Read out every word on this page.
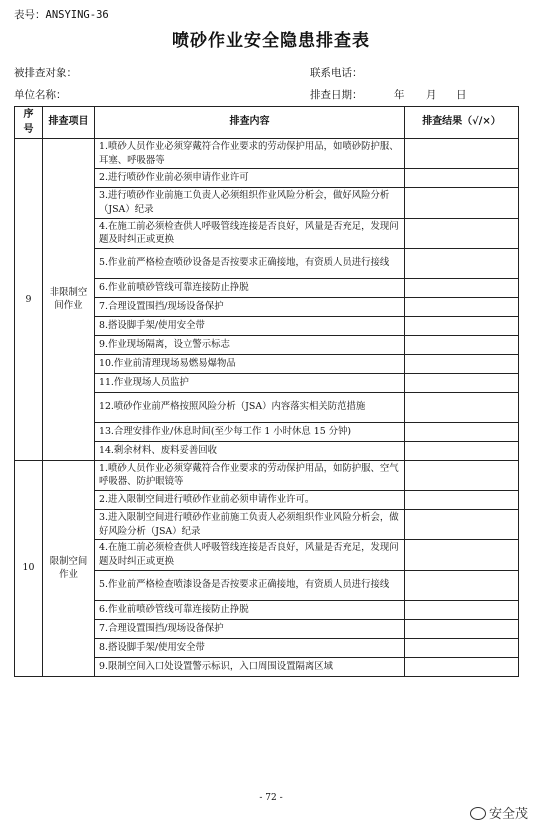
表号：ANSYING-36
喷砂作业安全隐患排查表
被排查对象：	联系电话：
单位名称：	排查日期：	年 月 日
序号	排查项目	排查内容	排查结果（√/×）
9	非限制空间作业	1.喷砂人员作业必须穿戴符合作业要求的劳动保护用品，如喷砂防护服、耳塞、呼吸器等	
		2.进行喷砂作业前必须申请作业许可	
		3.进行喷砂作业前施工负责人必须组织作业风险分析会，做好风险分析（JSA）纪录	
		4.在施工前必须检查供人呼吸管线连接是否良好，风量是否充足，发现问题及时纠正或更换	
		5.作业前严格检查喷砂设备是否按要求正确接地，有资质人员进行接线	
		6.作业前喷砂管线可靠连接防止挣脱	
		7.合理设置围挡/现场设备保护	
		8.搭设脚手架/使用安全带	
		9.作业现场隔离，设立警示标志	
		10.作业前清理现场易燃易爆物品	
		11.作业现场人员监护	
		12.喷砂作业前严格按照风险分析（JSA）内容落实相关防范措施	
		13.合理安排作业/休息时间(至少每工作 1 小时休息 15 分钟)	
		14.剩余材料、废料妥善回收	
10	限制空间作业	1.喷砂人员作业必须穿戴符合作业要求的劳动保护用品，如防护服、空气呼吸器、防护眼镜等	
		2.进入限制空间进行喷砂作业前必须申请作业许可。	
		3.进入限制空间进行喷砂作业前施工负责人必须组织作业风险分析会，做好风险分析（JSA）纪录	
		4.在施工前必须检查供人呼吸管线连接是否良好，风量是否充足，发现问题及时纠正或更换	
		5.作业前严格检查喷漆设备是否按要求正确接地，有资质人员进行接线	
		6.作业前喷砂管线可靠连接防止挣脱	
		7.合理设置围挡/现场设备保护	
		8.搭设脚手架/使用安全带	
		9.限制空间入口处设置警示标识，入口周围设置隔离区域	
- 72 -
安全茂
